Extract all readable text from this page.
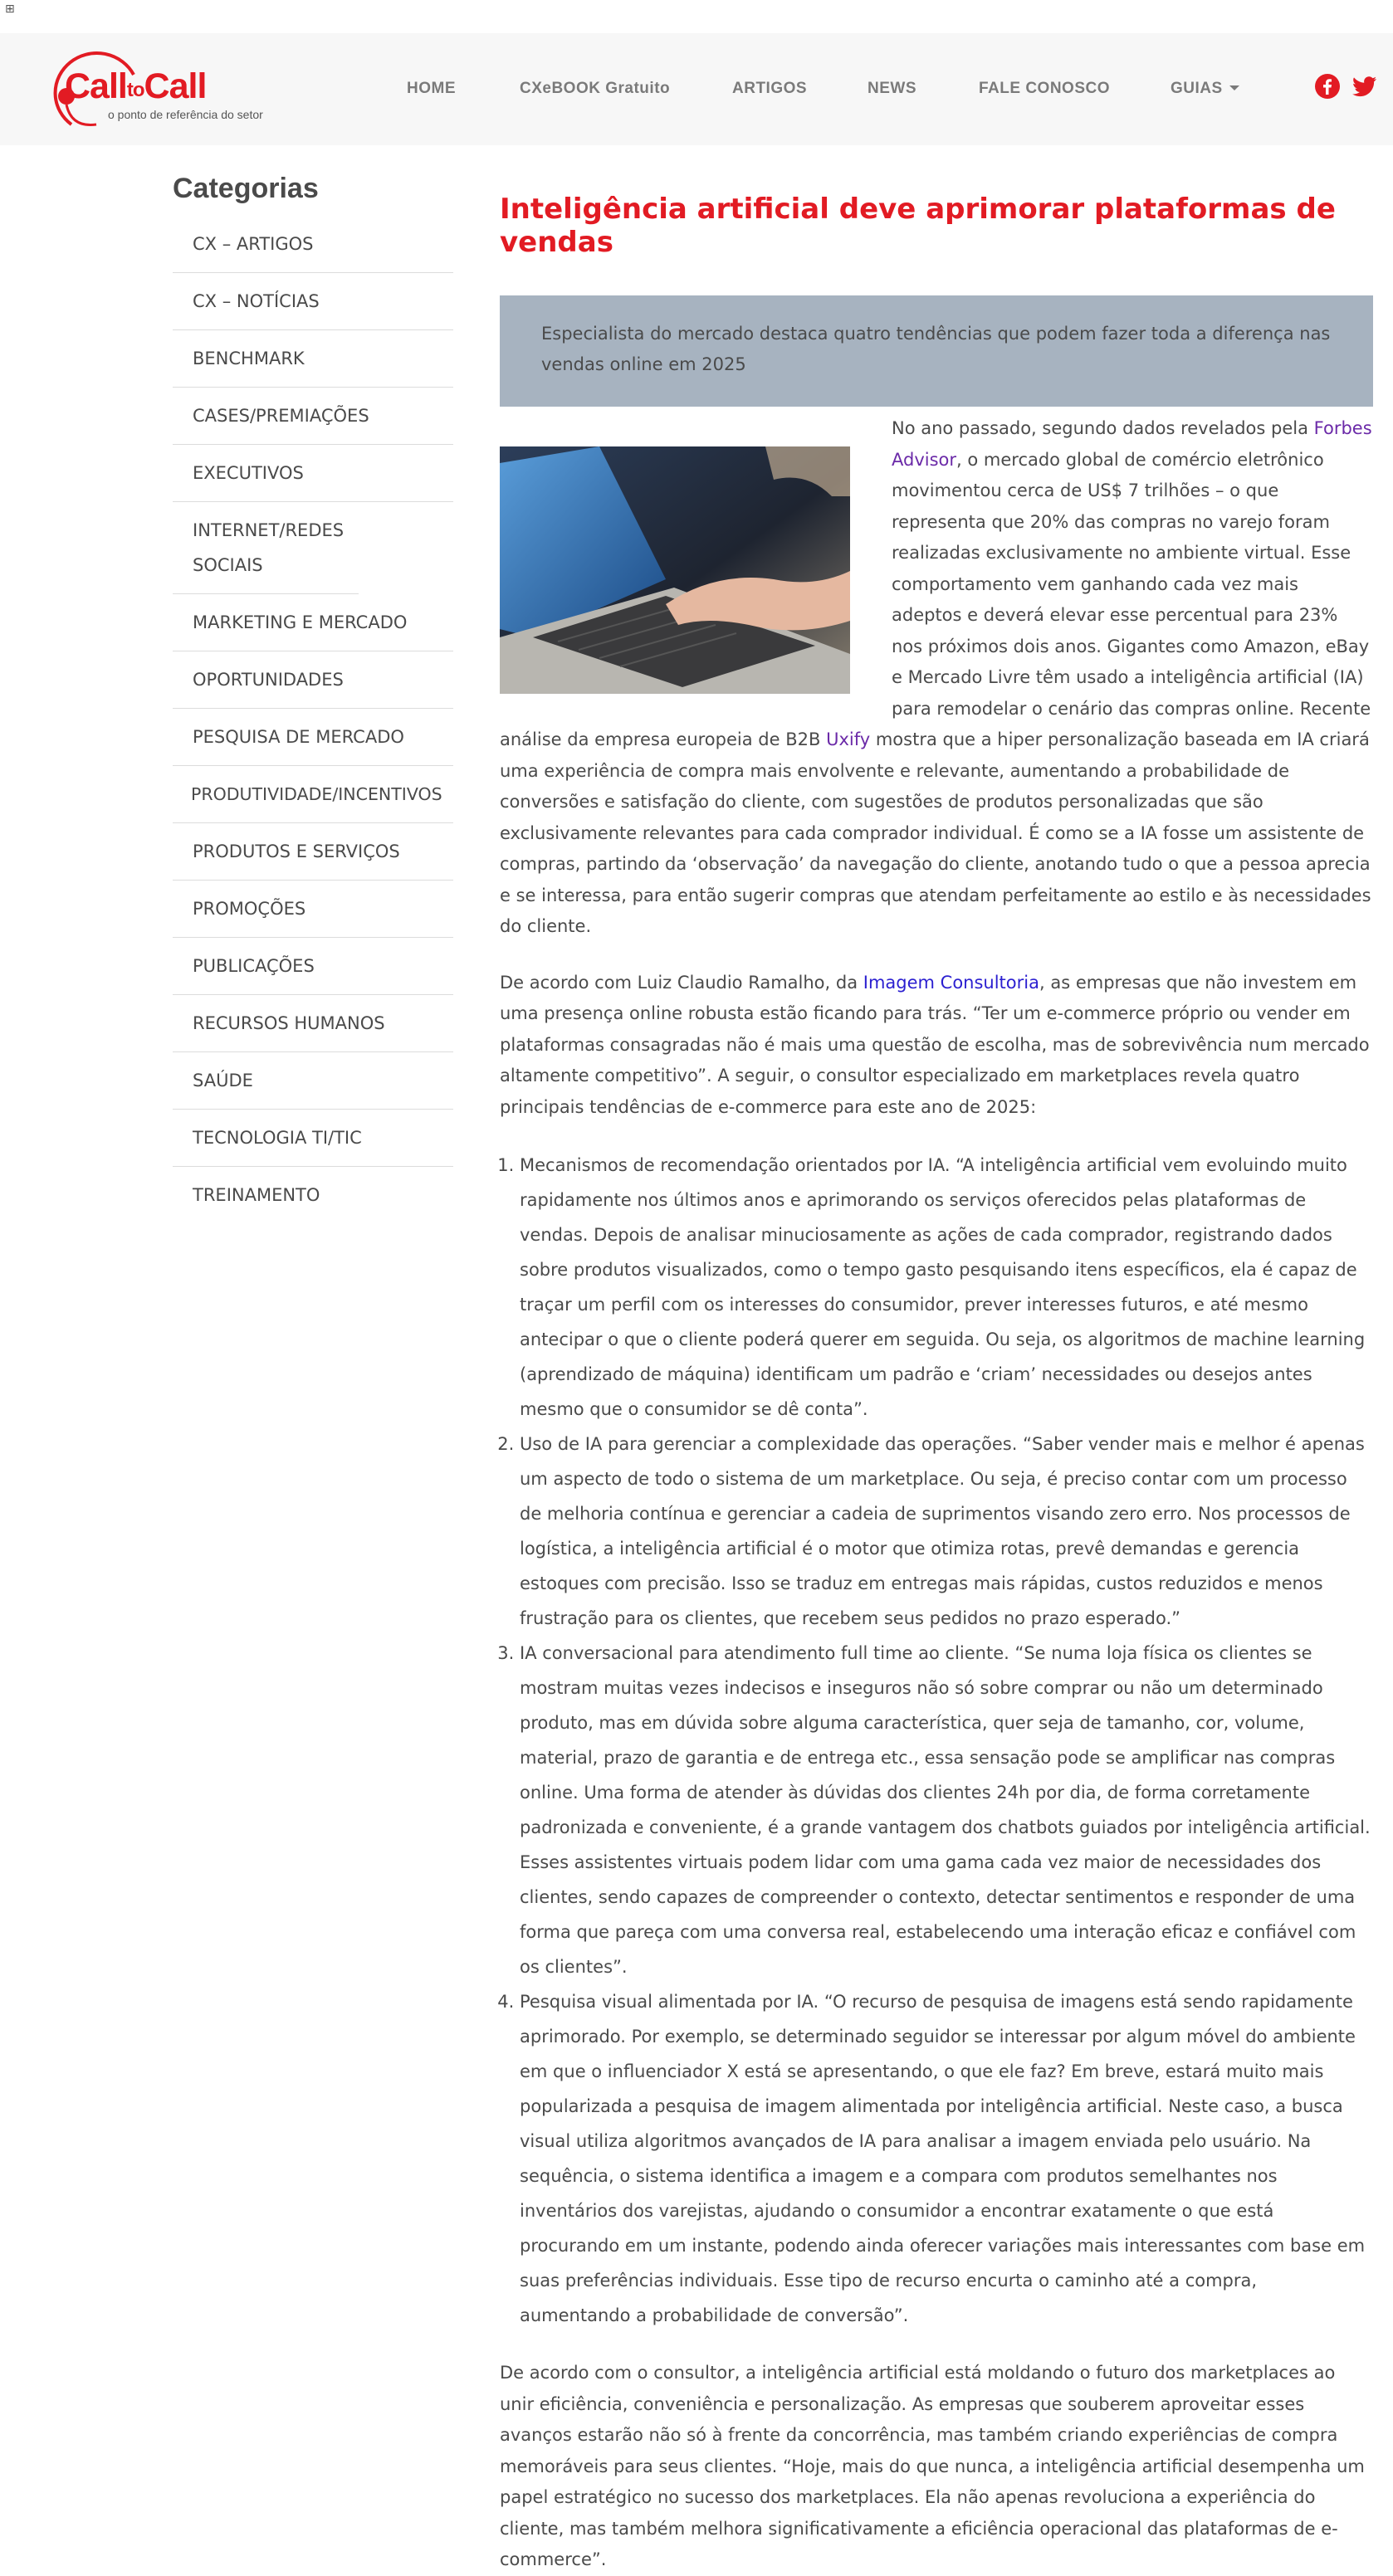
⊞
CalltoCall
o ponto de referência do setor
HOME	CXeBOOK Gratuito	ARTIGOS	NEWS	FALE CONOSCO	GUIAS
Categorias
CX – ARTIGOS
CX – NOTÍCIAS
BENCHMARK
CASES/PREMIAÇÕES
EXECUTIVOS
INTERNET/REDES SOCIAIS
MARKETING E MERCADO
OPORTUNIDADES
PESQUISA DE MERCADO
PRODUTIVIDADE/INCENTIVOS
PRODUTOS E SERVIÇOS
PROMOÇÕES
PUBLICAÇÕES
RECURSOS HUMANOS
SAÚDE
TECNOLOGIA TI/TIC
TREINAMENTO
Inteligência artificial deve aprimorar plataformas de vendas
Especialista do mercado destaca quatro tendências que podem fazer toda a diferença nas vendas online em 2025

No ano passado, segundo dados revelados pela Forbes Advisor, o mercado global de comércio eletrônico movimentou cerca de US$ 7 trilhões – o que representa que 20% das compras no varejo foram realizadas exclusivamente no ambiente virtual. Esse comportamento vem ganhando cada vez mais adeptos e deverá elevar esse percentual para 23% nos próximos dois anos. Gigantes como Amazon, eBay e Mercado Livre têm usado a inteligência artificial (IA) para remodelar o cenário das compras online. Recente análise da empresa europeia de B2B Uxify mostra que a hiper personalização baseada em IA criará uma experiência de compra mais envolvente e relevante, aumentando a probabilidade de conversões e satisfação do cliente, com sugestões de produtos personalizadas que são exclusivamente relevantes para cada comprador individual. É como se a IA fosse um assistente de compras, partindo da ‘observação’ da navegação do cliente, anotando tudo o que a pessoa aprecia e se interessa, para então sugerir compras que atendam perfeitamente ao estilo e às necessidades do cliente.

De acordo com Luiz Claudio Ramalho, da Imagem Consultoria, as empresas que não investem em uma presença online robusta estão ficando para trás. “Ter um e-commerce próprio ou vender em plataformas consagradas não é mais uma questão de escolha, mas de sobrevivência num mercado altamente competitivo”. A seguir, o consultor especializado em marketplaces revela quatro principais tendências de e-commerce para este ano de 2025:

1. Mecanismos de recomendação orientados por IA. “A inteligência artificial vem evoluindo muito rapidamente nos últimos anos e aprimorando os serviços oferecidos pelas plataformas de vendas. Depois de analisar minuciosamente as ações de cada comprador, registrando dados sobre produtos visualizados, como o tempo gasto pesquisando itens específicos, ela é capaz de traçar um perfil com os interesses do consumidor, prever interesses futuros, e até mesmo antecipar o que o cliente poderá querer em seguida. Ou seja, os algoritmos de machine learning (aprendizado de máquina) identificam um padrão e ‘criam’ necessidades ou desejos antes mesmo que o consumidor se dê conta”.
2. Uso de IA para gerenciar a complexidade das operações. “Saber vender mais e melhor é apenas um aspecto de todo o sistema de um marketplace. Ou seja, é preciso contar com um processo de melhoria contínua e gerenciar a cadeia de suprimentos visando zero erro. Nos processos de logística, a inteligência artificial é o motor que otimiza rotas, prevê demandas e gerencia estoques com precisão. Isso se traduz em entregas mais rápidas, custos reduzidos e menos frustração para os clientes, que recebem seus pedidos no prazo esperado.”
3. IA conversacional para atendimento full time ao cliente. “Se numa loja física os clientes se mostram muitas vezes indecisos e inseguros não só sobre comprar ou não um determinado produto, mas em dúvida sobre alguma característica, quer seja de tamanho, cor, volume, material, prazo de garantia e de entrega etc., essa sensação pode se amplificar nas compras online. Uma forma de atender às dúvidas dos clientes 24h por dia, de forma corretamente padronizada e conveniente, é a grande vantagem dos chatbots guiados por inteligência artificial. Esses assistentes virtuais podem lidar com uma gama cada vez maior de necessidades dos clientes, sendo capazes de compreender o contexto, detectar sentimentos e responder de uma forma que pareça com uma conversa real, estabelecendo uma interação eficaz e confiável com os clientes”.
4. Pesquisa visual alimentada por IA. “O recurso de pesquisa de imagens está sendo rapidamente aprimorado. Por exemplo, se determinado seguidor se interessar por algum móvel do ambiente em que o influenciador X está se apresentando, o que ele faz? Em breve, estará muito mais popularizada a pesquisa de imagem alimentada por inteligência artificial. Neste caso, a busca visual utiliza algoritmos avançados de IA para analisar a imagem enviada pelo usuário. Na sequência, o sistema identifica a imagem e a compara com produtos semelhantes nos inventários dos varejistas, ajudando o consumidor a encontrar exatamente o que está procurando em um instante, podendo ainda oferecer variações mais interessantes com base em suas preferências individuais. Esse tipo de recurso encurta o caminho até a compra, aumentando a probabilidade de conversão”.

De acordo com o consultor, a inteligência artificial está moldando o futuro dos marketplaces ao unir eficiência, conveniência e personalização. As empresas que souberem aproveitar esses avanços estarão não só à frente da concorrência, mas também criando experiências de compra memoráveis para seus clientes. “Hoje, mais do que nunca, a inteligência artificial desempenha um papel estratégico no sucesso dos marketplaces. Ela não apenas revoluciona a experiência do cliente, mas também melhora significativamente a eficiência operacional das plataformas de e-commerce”.
